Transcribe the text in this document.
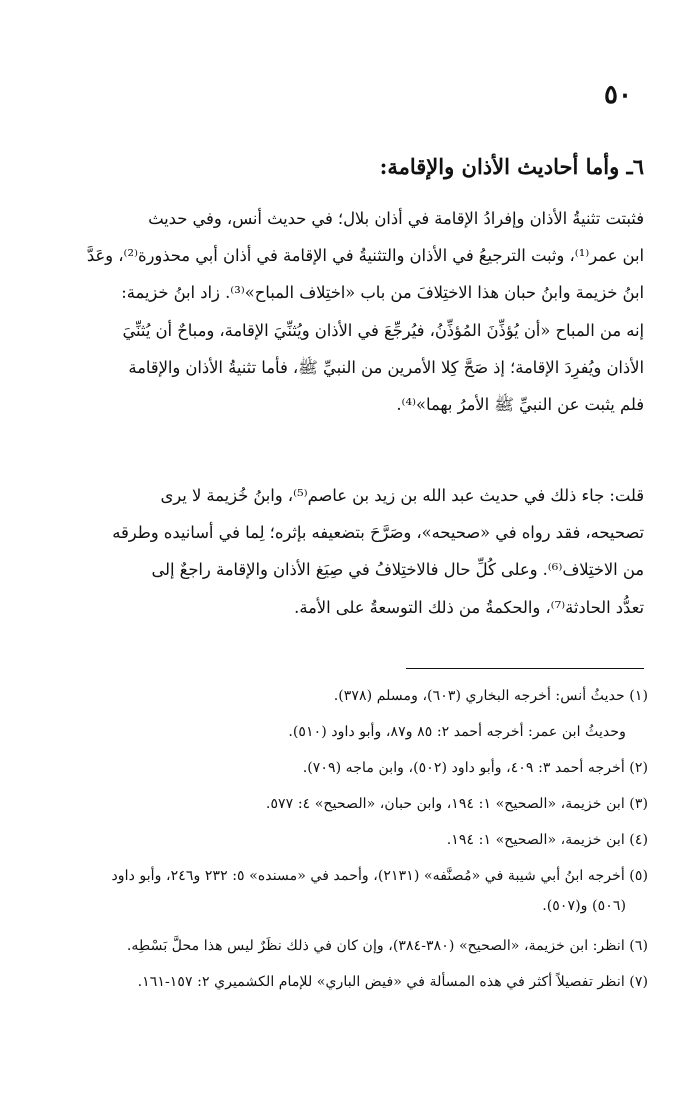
٥٠
٦ـ وأما أحاديث الأذان والإقامة:
فثبتت تثنيةُ الأذان وإفرادُ الإقامة في أذان بلال؛ في حديث أنس، وفي حديث
ابن عمر⁽¹⁾، وثبت الترجيعُ في الأذان والتثنيةُ في الإقامة في أذان أبي محذورة⁽²⁾، وعَدَّ
ابنُ خزيمة وابنُ حبان هذا الاختِلافَ من باب «اختِلاف المباح»⁽³⁾. زاد ابنُ خزيمة:
إنه من المباح «أن يُؤذِّنَ المُؤذِّنُ، فيُرجِّعَ في الأذان ويُثنِّيَ الإقامة، ومباحٌ أن يُثنِّيَ
الأذان ويُفرِدَ الإقامة؛ إذ صَحَّ كِلا الأمرين من النبيِّ ﷺ، فأما تثنيةُ الأذان والإقامة
فلم يثبت عن النبيِّ ﷺ الأمرُ بهما»⁽⁴⁾.
قلت: جاء ذلك في حديث عبد الله بن زيد بن عاصم⁽⁵⁾، وابنُ خُزيمة لا يرى
تصحيحه، فقد رواه في «صحيحه»، وصَرَّحَ بتضعيفه بإثره؛ لِما في أسانيده وطرقه
من الاختِلاف⁽⁶⁾. وعلى كُلِّ حال فالاختِلافُ في صِيَغ الأذان والإقامة راجعٌ إلى
تعدُّد الحادثة⁽⁷⁾، والحكمةُ من ذلك التوسعةُ على الأمة.
(١) حديثُ أنس: أخرجه البخاري (٦٠٣)، ومسلم (٣٧٨).
وحديثُ ابن عمر: أخرجه أحمد ٢: ٨٥ و٨٧، وأبو داود (٥١٠).
(٢) أخرجه أحمد ٣: ٤٠٩، وأبو داود (٥٠٢)، وابن ماجه (٧٠٩).
(٣) ابن خزيمة، «الصحيح» ١: ١٩٤، وابن حبان، «الصحيح» ٤: ٥٧٧.
(٤) ابن خزيمة، «الصحيح» ١: ١٩٤.
(٥) أخرجه ابنُ أبي شيبة في «مُصنَّفه» (٢١٣١)، وأحمد في «مسنده» ٥: ٢٣٢ و٢٤٦، وأبو داود
(٥٠٦) و(٥٠٧).
(٦) انظر: ابن خزيمة، «الصحيح» (٣٨٠-٣٨٤)، وإن كان في ذلك نظَرٌ ليس هذا محلَّ بَسْطِه.
(٧) انظر تفصيلاً أكثر في هذه المسألة في «فيض الباري» للإمام الكشميري ٢: ١٥٧-١٦١.
